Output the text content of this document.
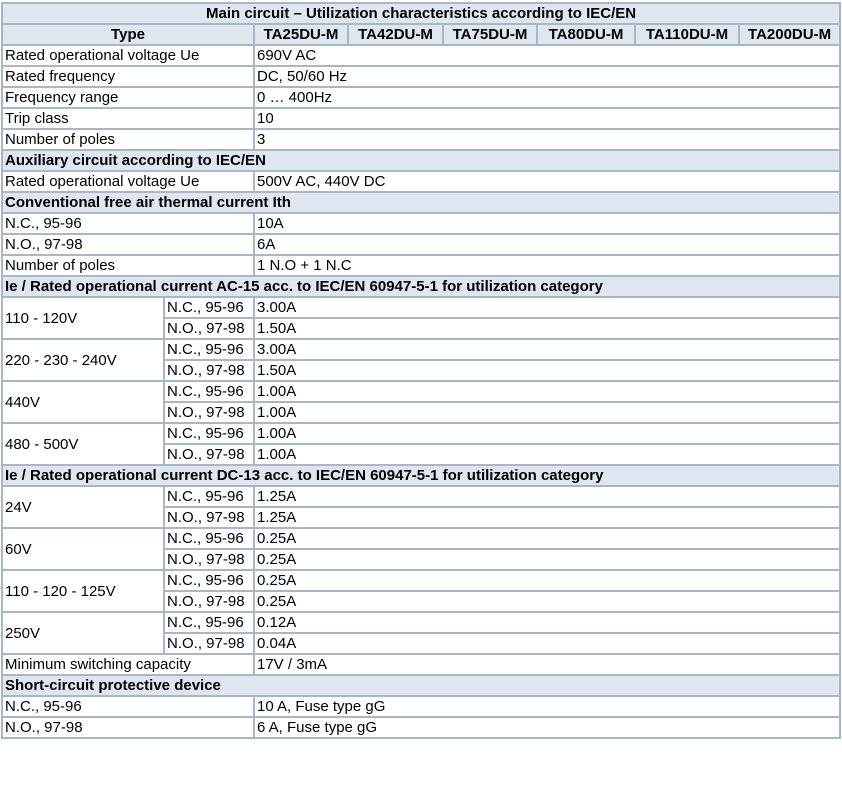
Main circuit – Utilization characteristics according to IEC/EN							
Type		TA25DU-M	TA42DU-M	TA75DU-M	TA80DU-M	TA110DU-M	TA200DU-M
Rated operational voltage Ue		690V AC					
Rated frequency		DC, 50/60 Hz					
Frequency range		0 … 400Hz					
Trip class		10					
Number of poles		3					
Auxiliary circuit according to IEC/EN							
Rated operational voltage Ue		500V AC, 440V DC					
Conventional free air thermal current Ith							
N.C., 95-96		10A					
N.O., 97-98		6A					
Number of poles		1 N.O + 1 N.C					
Ie / Rated operational current AC-15 acc. to IEC/EN 60947-5-1 for utilization category							
110 - 120V	N.C., 95-96	3.00A					
	N.O., 97-98	1.50A					
220 - 230 - 240V	N.C., 95-96	3.00A					
	N.O., 97-98	1.50A					
440V	N.C., 95-96	1.00A					
	N.O., 97-98	1.00A					
480 - 500V	N.C., 95-96	1.00A					
	N.O., 97-98	1.00A					
Ie / Rated operational current DC-13 acc. to IEC/EN 60947-5-1 for utilization category							
24V	N.C., 95-96	1.25A					
	N.O., 97-98	1.25A					
60V	N.C., 95-96	0.25A					
	N.O., 97-98	0.25A					
110 - 120 - 125V	N.C., 95-96	0.25A					
	N.O., 97-98	0.25A					
250V	N.C., 95-96	0.12A					
	N.O., 97-98	0.04A					
Minimum switching capacity		17V / 3mA					
Short-circuit protective device							
N.C., 95-96		10 A, Fuse type gG					
N.O., 97-98		6 A, Fuse type gG					
